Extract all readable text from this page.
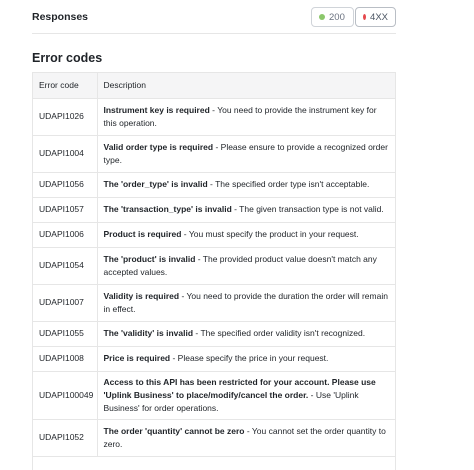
Responses	200	4XX
Error codes
Error code	Description
UDAPI1026	Instrument key is required - You need to provide the instrument key for this operation.
UDAPI1004	Valid order type is required - Please ensure to provide a recognized order type.
UDAPI1056	The 'order_type' is invalid - The specified order type isn't acceptable.
UDAPI1057	The 'transaction_type' is invalid - The given transaction type is not valid.
UDAPI1006	Product is required - You must specify the product in your request.
UDAPI1054	The 'product' is invalid - The provided product value doesn't match any accepted values.
UDAPI1007	Validity is required - You need to provide the duration the order will remain in effect.
UDAPI1055	The 'validity' is invalid - The specified order validity isn't recognized.
UDAPI1008	Price is required - Please specify the price in your request.
UDAPI100049	Access to this API has been restricted for your account. Please use 'Uplink Business' to place/modify/cancel the order. - Use 'Uplink Business' for order operations.
UDAPI1052	The order 'quantity' cannot be zero - You cannot set the order quantity to zero.
